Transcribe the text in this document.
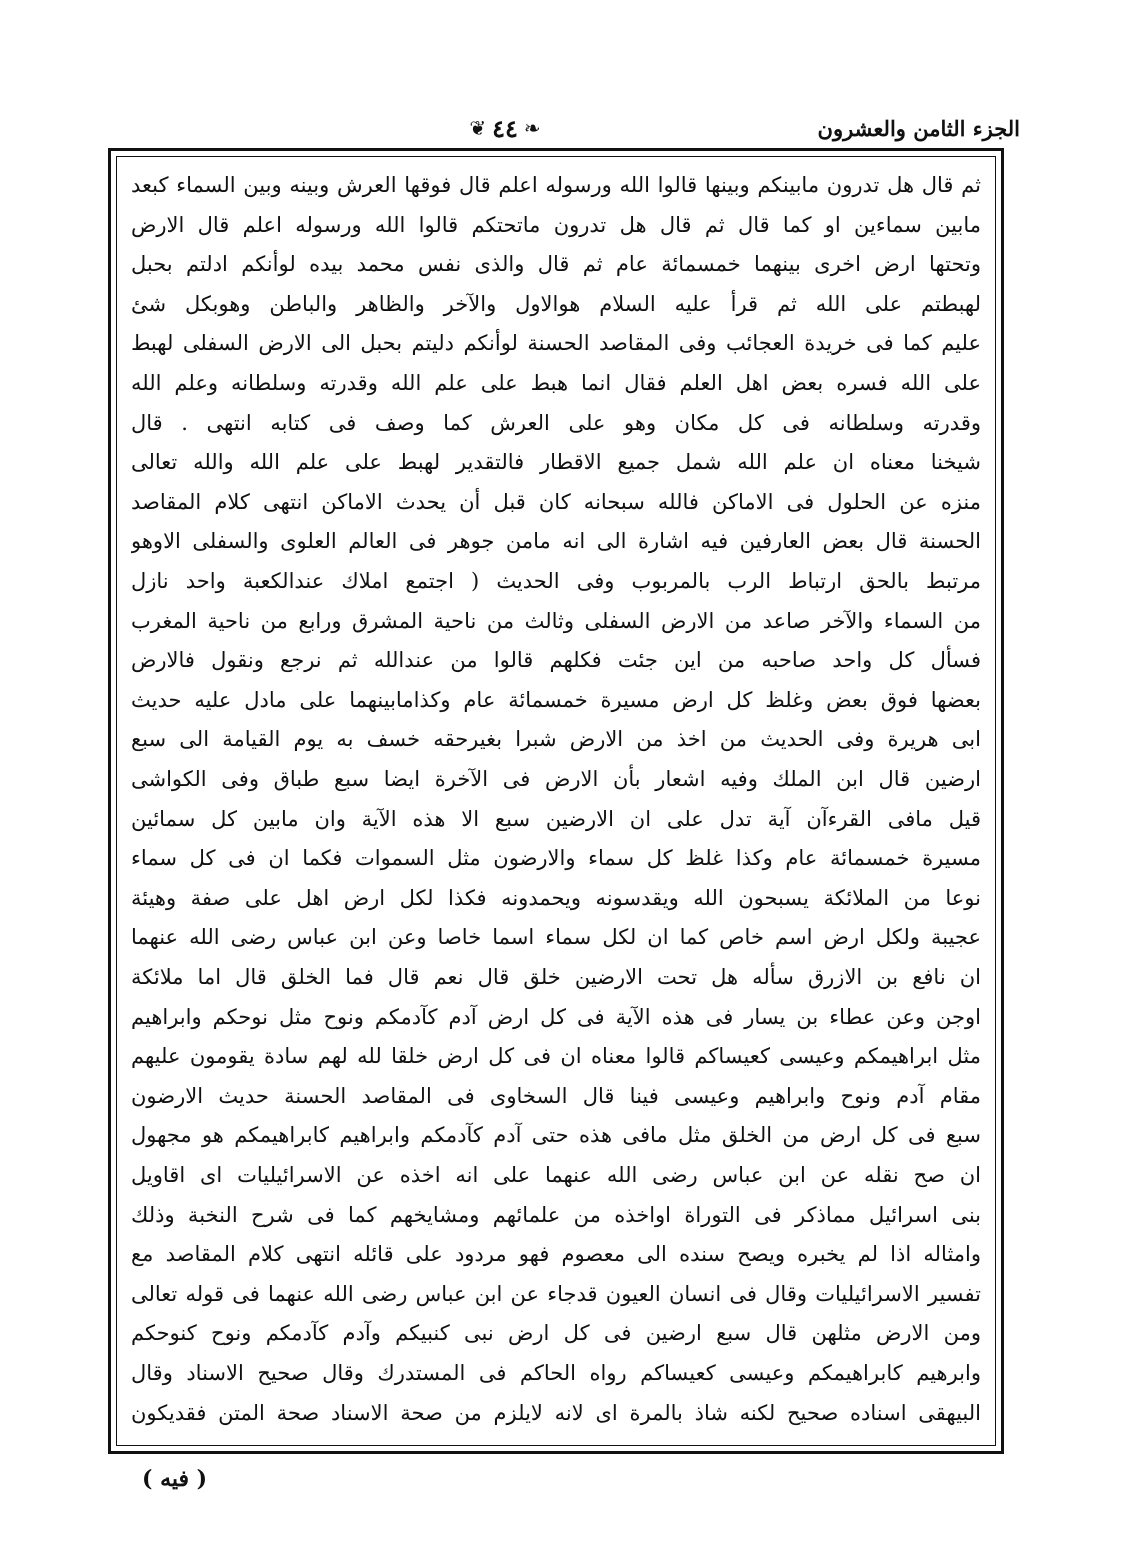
الجزء الثامن والعشرون
❦ ٤٤ ❧
ثم قال هل تدرون مابينكم وبينها قالوا الله ورسوله اعلم قال فوقها العرش وبينه وبين السماء كبعد
مابين سماءين او كما قال ثم قال هل تدرون ماتحتكم قالوا الله ورسوله اعلم قال الارض
وتحتها ارض اخرى بينهما خمسمائة عام ثم قال والذى نفس محمد بيده لوأنكم ادلتم بحبل
لهبطتم على الله ثم قرأ عليه السلام هوالاول والآخر والظاهر والباطن وهوبكل شئ
عليم كما فى خريدة العجائب وفى المقاصد الحسنة لوأنكم دليتم بحبل الى الارض السفلى لهبط
على الله فسره بعض اهل العلم فقال انما هبط على علم الله وقدرته وسلطانه وعلم الله
وقدرته وسلطانه فى كل مكان وهو على العرش كما وصف فى كتابه انتهى . قال
شيخنا معناه ان علم الله شمل جميع الاقطار فالتقدير لهبط على علم الله والله تعالى
منزه عن الحلول فى الاماكن فالله سبحانه كان قبل أن يحدث الاماكن انتهى كلام المقاصد
الحسنة قال بعض العارفين فيه اشارة الى انه مامن جوهر فى العالم العلوى والسفلى الاوهو
مرتبط بالحق ارتباط الرب بالمربوب وفى الحديث ( اجتمع املاك عندالكعبة واحد نازل
من السماء والآخر صاعد من الارض السفلى وثالث من ناحية المشرق ورابع من ناحية المغرب
فسأل كل واحد صاحبه من اين جئت فكلهم قالوا من عندالله ثم نرجع ونقول فالارض
بعضها فوق بعض وغلظ كل ارض مسيرة خمسمائة عام وكذامابينهما على مادل عليه حديث
ابى هريرة وفى الحديث من اخذ من الارض شبرا بغيرحقه خسف به يوم القيامة الى سبع
ارضين قال ابن الملك وفيه اشعار بأن الارض فى الآخرة ايضا سبع طباق وفى الكواشى
قيل مافى القرءآن آية تدل على ان الارضين سبع الا هذه الآية وان مابين كل سمائين
مسيرة خمسمائة عام وكذا غلظ كل سماء والارضون مثل السموات فكما ان فى كل سماء
نوعا من الملائكة يسبحون الله ويقدسونه ويحمدونه فكذا لكل ارض اهل على صفة وهيئة
عجيبة ولكل ارض اسم خاص كما ان لكل سماء اسما خاصا وعن ابن عباس رضى الله عنهما
ان نافع بن الازرق سأله هل تحت الارضين خلق قال نعم قال فما الخلق قال اما ملائكة
اوجن وعن عطاء بن يسار فى هذه الآية فى كل ارض آدم كآدمكم ونوح مثل نوحكم وابراهيم
مثل ابراهيمكم وعيسى كعيساكم قالوا معناه ان فى كل ارض خلقا لله لهم سادة يقومون عليهم
مقام آدم ونوح وابراهيم وعيسى فينا قال السخاوى فى المقاصد الحسنة حديث الارضون
سبع فى كل ارض من الخلق مثل مافى هذه حتى آدم كآدمكم وابراهيم كابراهيمكم هو مجهول
ان صح نقله عن ابن عباس رضى الله عنهما على انه اخذه عن الاسرائيليات اى اقاويل
بنى اسرائيل مماذكر فى التوراة اواخذه من علمائهم ومشايخهم كما فى شرح النخبة وذلك
وامثاله اذا لم يخبره ويصح سنده الى معصوم فهو مردود على قائله انتهى كلام المقاصد مع
تفسير الاسرائيليات وقال فى انسان العيون قدجاء عن ابن عباس رضى الله عنهما فى قوله تعالى
ومن الارض مثلهن قال سبع ارضين فى كل ارض نبى كنبيكم وآدم كآدمكم ونوح كنوحكم
وابرهيم كابراهيمكم وعيسى كعيساكم رواه الحاكم فى المستدرك وقال صحيح الاسناد وقال
البيهقى اسناده صحيح لكنه شاذ بالمرة اى لانه لايلزم من صحة الاسناد صحة المتن فقديكون
( فيه )
